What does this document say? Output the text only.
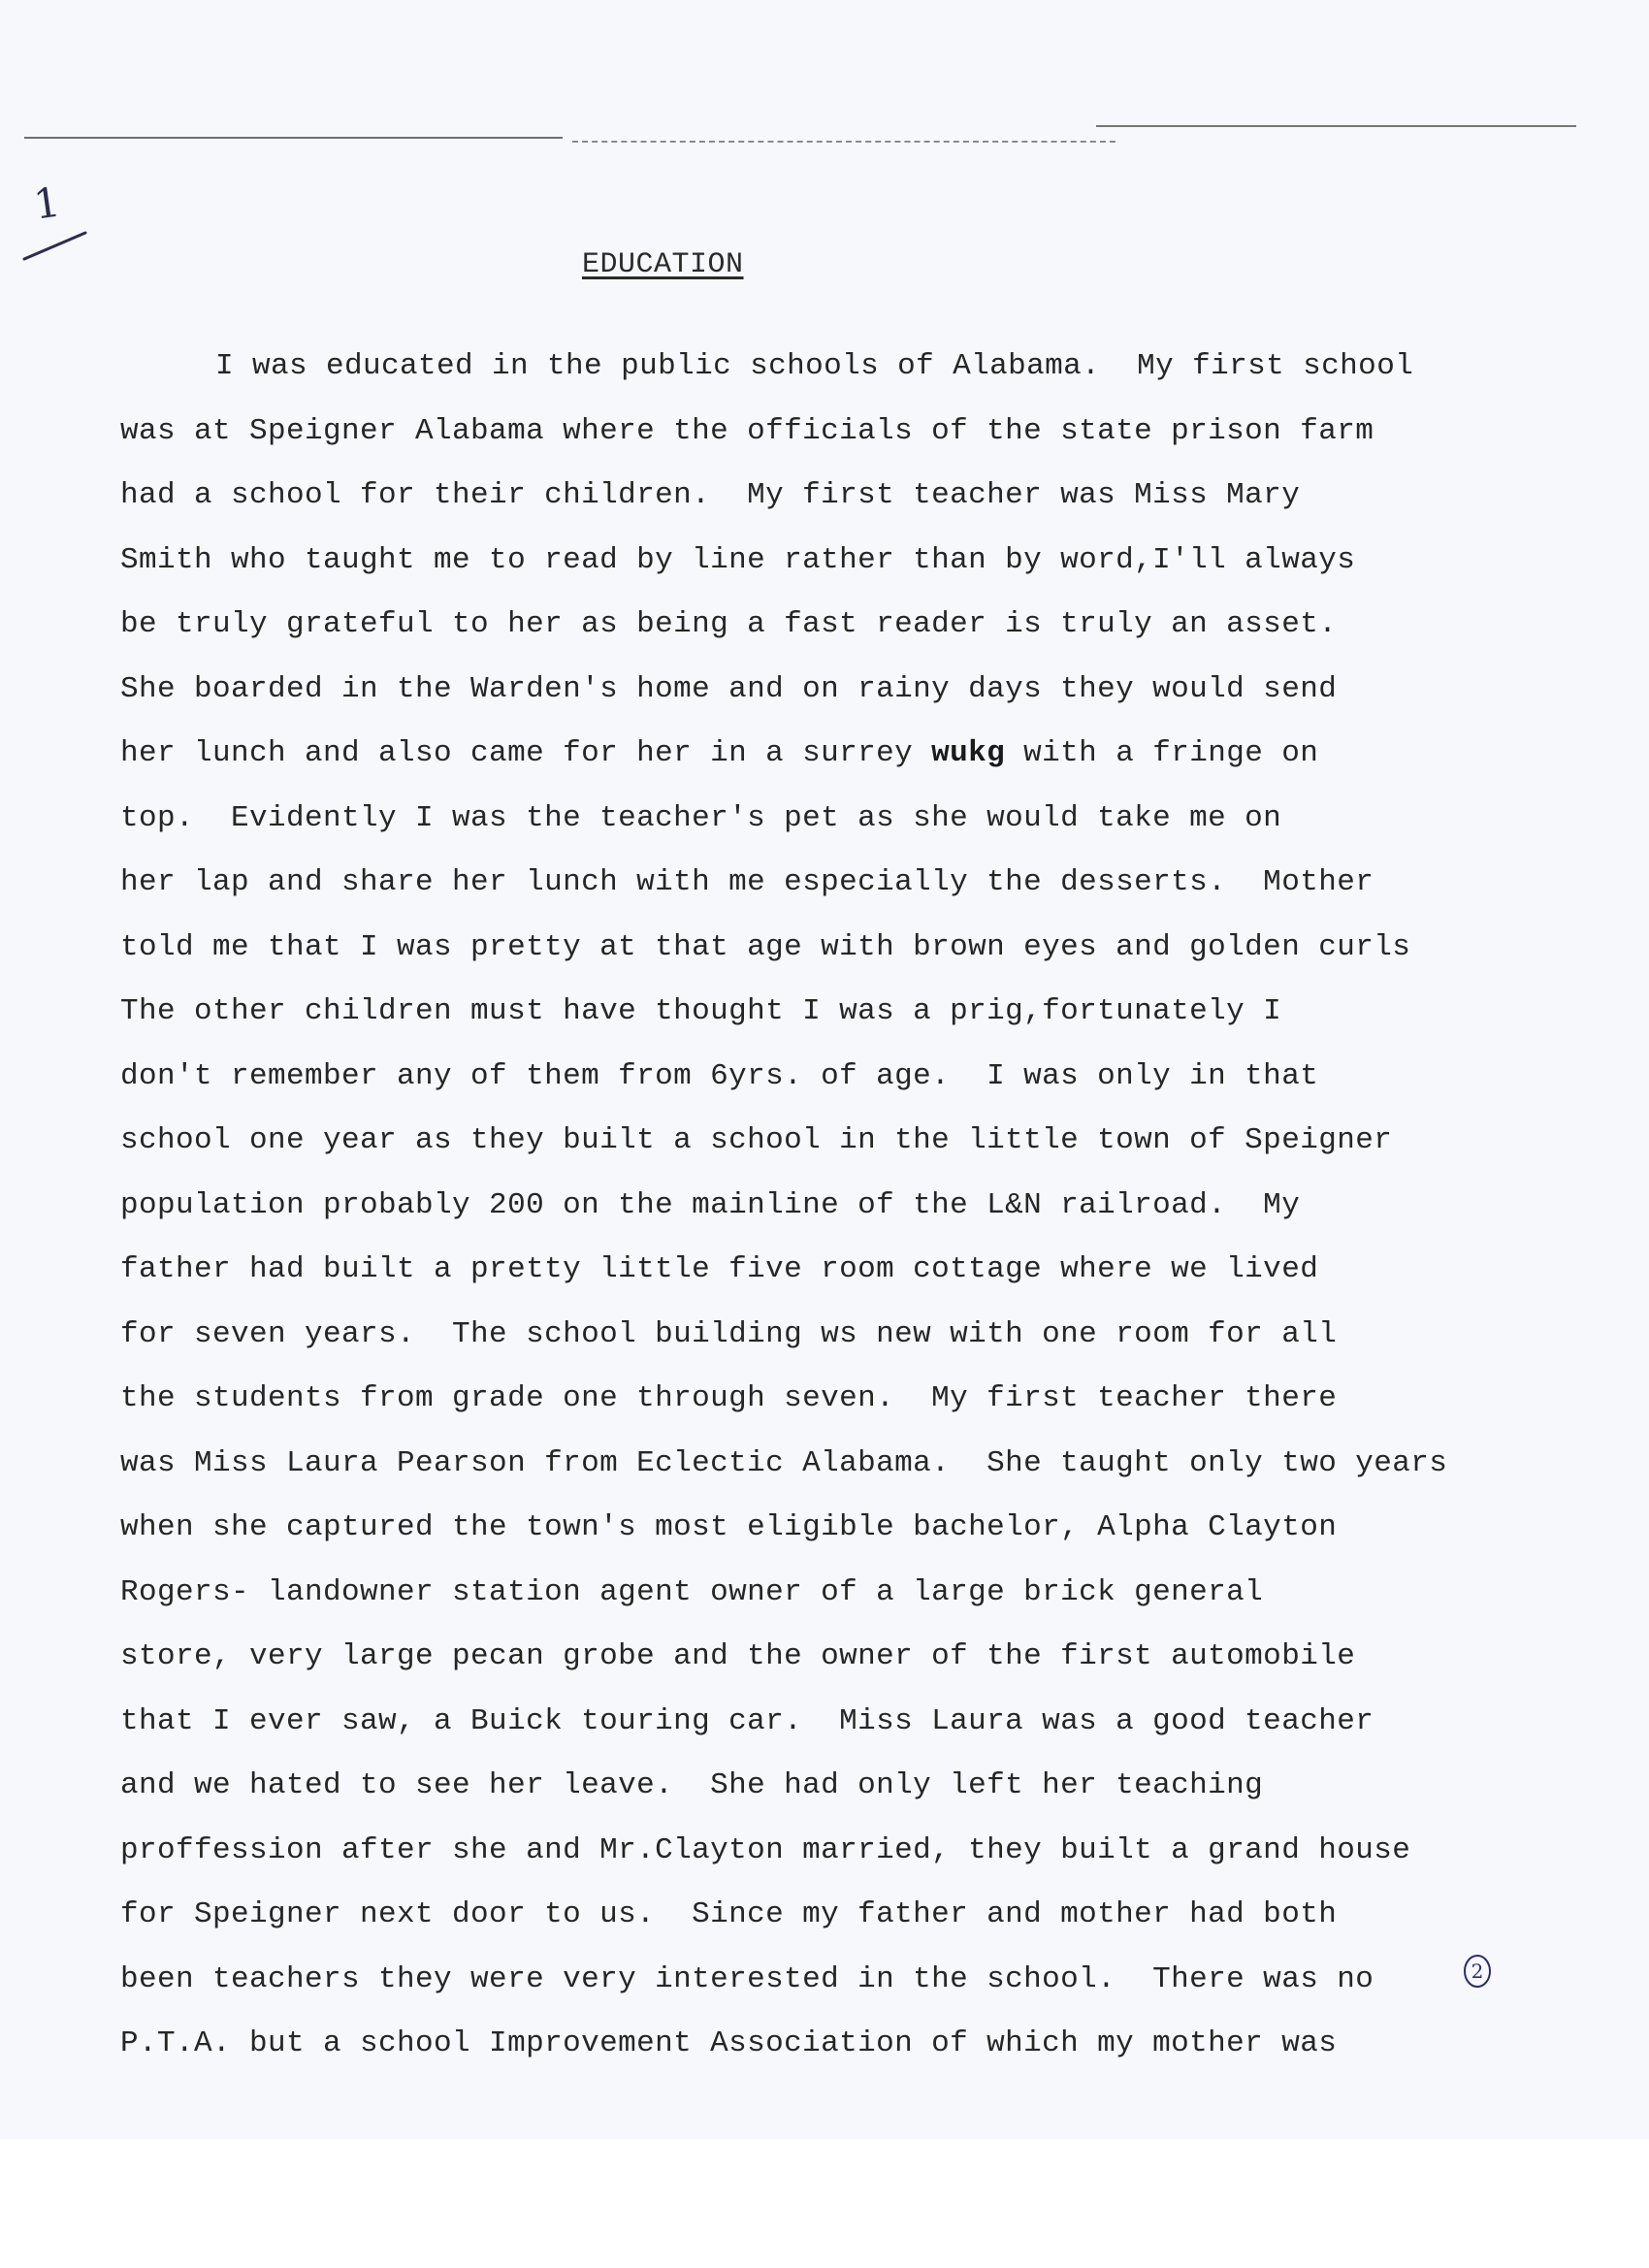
1
EDUCATION
I was educated in the public schools of Alabama.  My first school
was at Speigner Alabama where the officials of the state prison farm
had a school for their children.  My first teacher was Miss Mary
Smith who taught me to read by line rather than by word,I'll always
be truly grateful to her as being a fast reader is truly an asset.
She boarded in the Warden's home and on rainy days they would send
her lunch and also came for her in a surrey wukg with a fringe on
top.  Evidently I was the teacher's pet as she would take me on
her lap and share her lunch with me especially the desserts.  Mother
told me that I was pretty at that age with brown eyes and golden curls
The other children must have thought I was a prig,fortunately I
don't remember any of them from 6yrs. of age.  I was only in that
school one year as they built a school in the little town of Speigner
population probably 200 on the mainline of the L&N railroad.  My
father had built a pretty little five room cottage where we lived
for seven years.  The school building ws new with one room for all
the students from grade one through seven.  My first teacher there
was Miss Laura Pearson from Eclectic Alabama.  She taught only two years
when she captured the town's most eligible bachelor, Alpha Clayton
Rogers- landowner station agent owner of a large brick general
store, very large pecan grobe and the owner of the first automobile
that I ever saw, a Buick touring car.  Miss Laura was a good teacher
and we hated to see her leave.  She had only left her teaching
proffession after she and Mr.Clayton married, they built a grand house
for Speigner next door to us.  Since my father and mother had both
been teachers they were very interested in the school.  There was no
P.T.A. but a school Improvement Association of which my mother was
2
